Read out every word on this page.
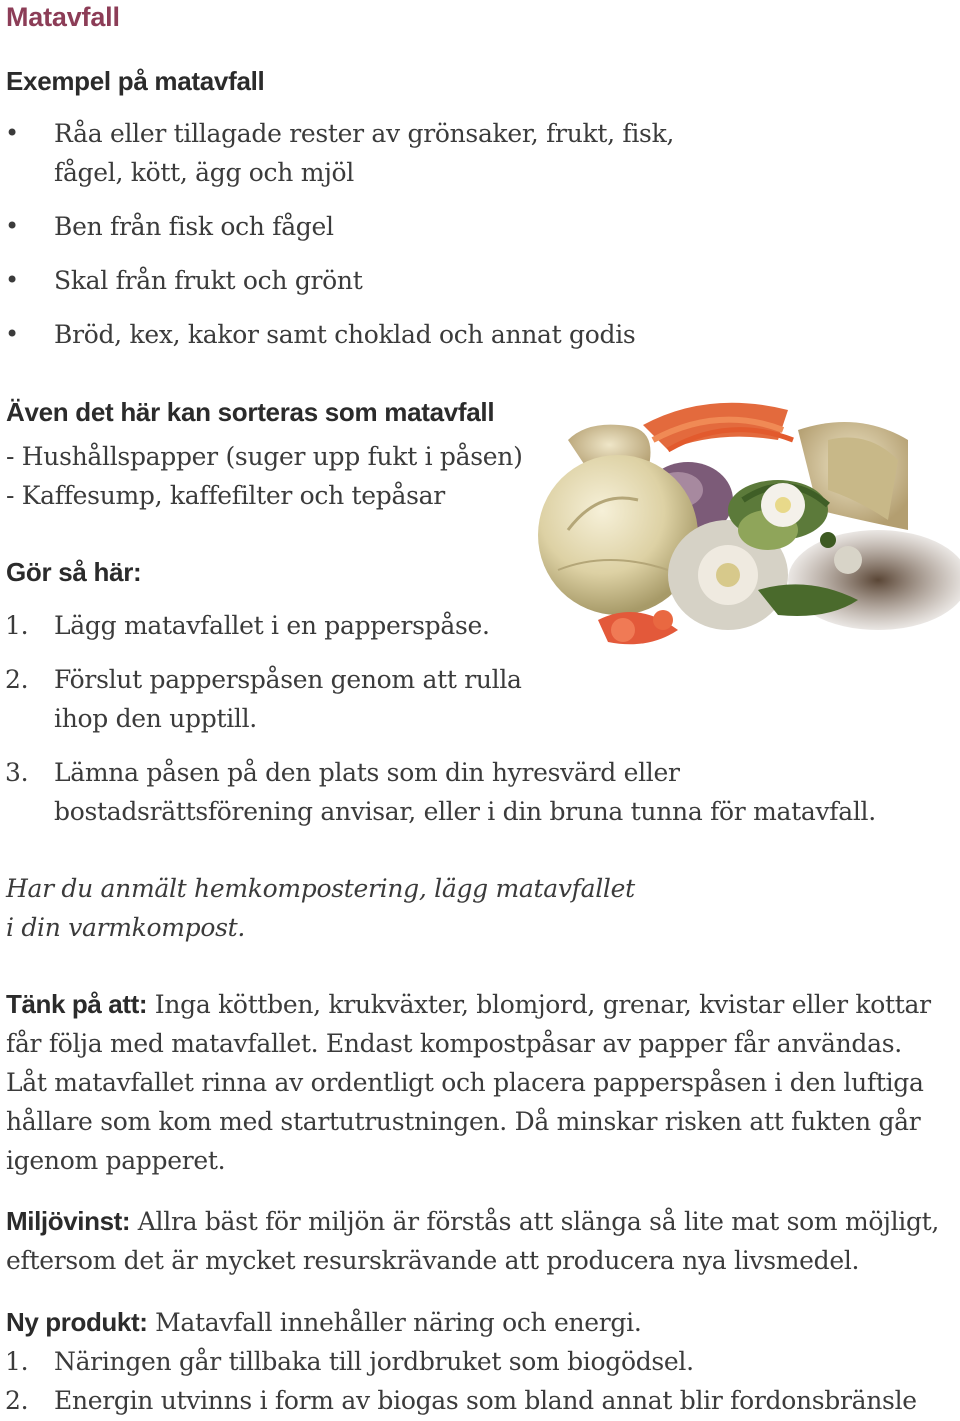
Matavfall
Exempel på matavfall
• Råa eller tillagade rester av grönsaker, frukt, fisk, fågel, kött, ägg och mjöl
• Ben från fisk och fågel
• Skal från frukt och grönt
• Bröd, kex, kakor samt choklad och annat godis
Även det här kan sorteras som matavfall
- Hushållspapper (suger upp fukt i påsen)
- Kaffesump, kaffefilter och tepåsar
Gör så här:
1. Lägg matavfallet i en papperspåse.
2. Förslut papperspåsen genom att rulla ihop den upptill.
3. Lämna påsen på den plats som din hyresvärd eller bostadsrättsförening anvisar, eller i din bruna tunna för matavfall.
Har du anmält hemkompostering, lägg matavfallet i din varmkompost.
Tänk på att: Inga köttben, krukväxter, blomjord, grenar, kvistar eller kottar får följa med matavfallet. Endast kompostpåsar av papper får användas. Låt matavfallet rinna av ordentligt och placera papperspåsen i den luftiga hållare som kom med startutrustningen. Då minskar risken att fukten går igenom papperet.
Miljövinst: Allra bäst för miljön är förstås att slänga så lite mat som möjligt, eftersom det är mycket resurskrävande att producera nya livsmedel.
Ny produkt: Matavfall innehåller näring och energi.
1. Näringen går tillbaka till jordbruket som biogödsel.
2. Energin utvinns i form av biogas som bland annat blir fordonsbränsle
